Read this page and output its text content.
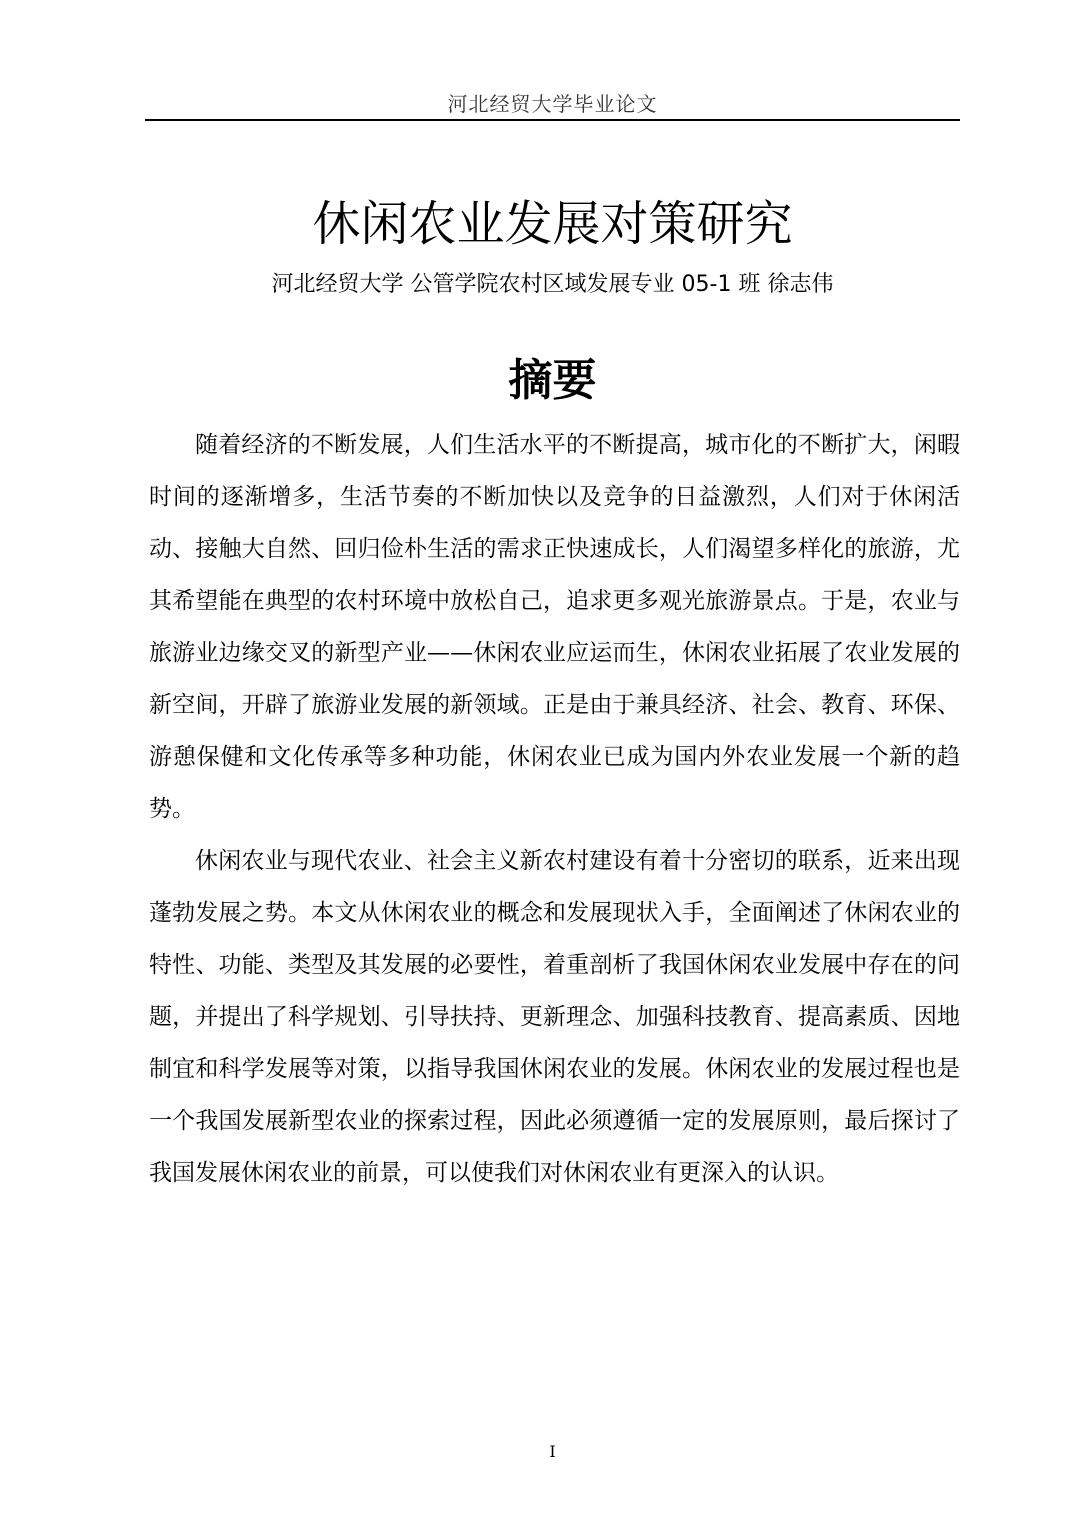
河北经贸大学毕业论文
休闲农业发展对策研究

河北经贸大学 公管学院农村区域发展专业 05-1 班 徐志伟

摘要

随着经济的不断发展，人们生活水平的不断提高，城市化的不断扩大，闲暇时间的逐渐增多，生活节奏的不断加快以及竞争的日益激烈，人们对于休闲活动、接触大自然、回归俭朴生活的需求正快速成长，人们渴望多样化的旅游，尤其希望能在典型的农村环境中放松自己，追求更多观光旅游景点。于是，农业与旅游业边缘交叉的新型产业——休闲农业应运而生，休闲农业拓展了农业发展的新空间，开辟了旅游业发展的新领域。正是由于兼具经济、社会、教育、环保、游憩保健和文化传承等多种功能，休闲农业已成为国内外农业发展一个新的趋势。

休闲农业与现代农业、社会主义新农村建设有着十分密切的联系，近来出现蓬勃发展之势。本文从休闲农业的概念和发展现状入手，全面阐述了休闲农业的特性、功能、类型及其发展的必要性，着重剖析了我国休闲农业发展中存在的问题，并提出了科学规划、引导扶持、更新理念、加强科技教育、提高素质、因地制宜和科学发展等对策，以指导我国休闲农业的发展。休闲农业的发展过程也是一个我国发展新型农业的探索过程，因此必须遵循一定的发展原则，最后探讨了我国发展休闲农业的前景，可以使我们对休闲农业有更深入的认识。

I
